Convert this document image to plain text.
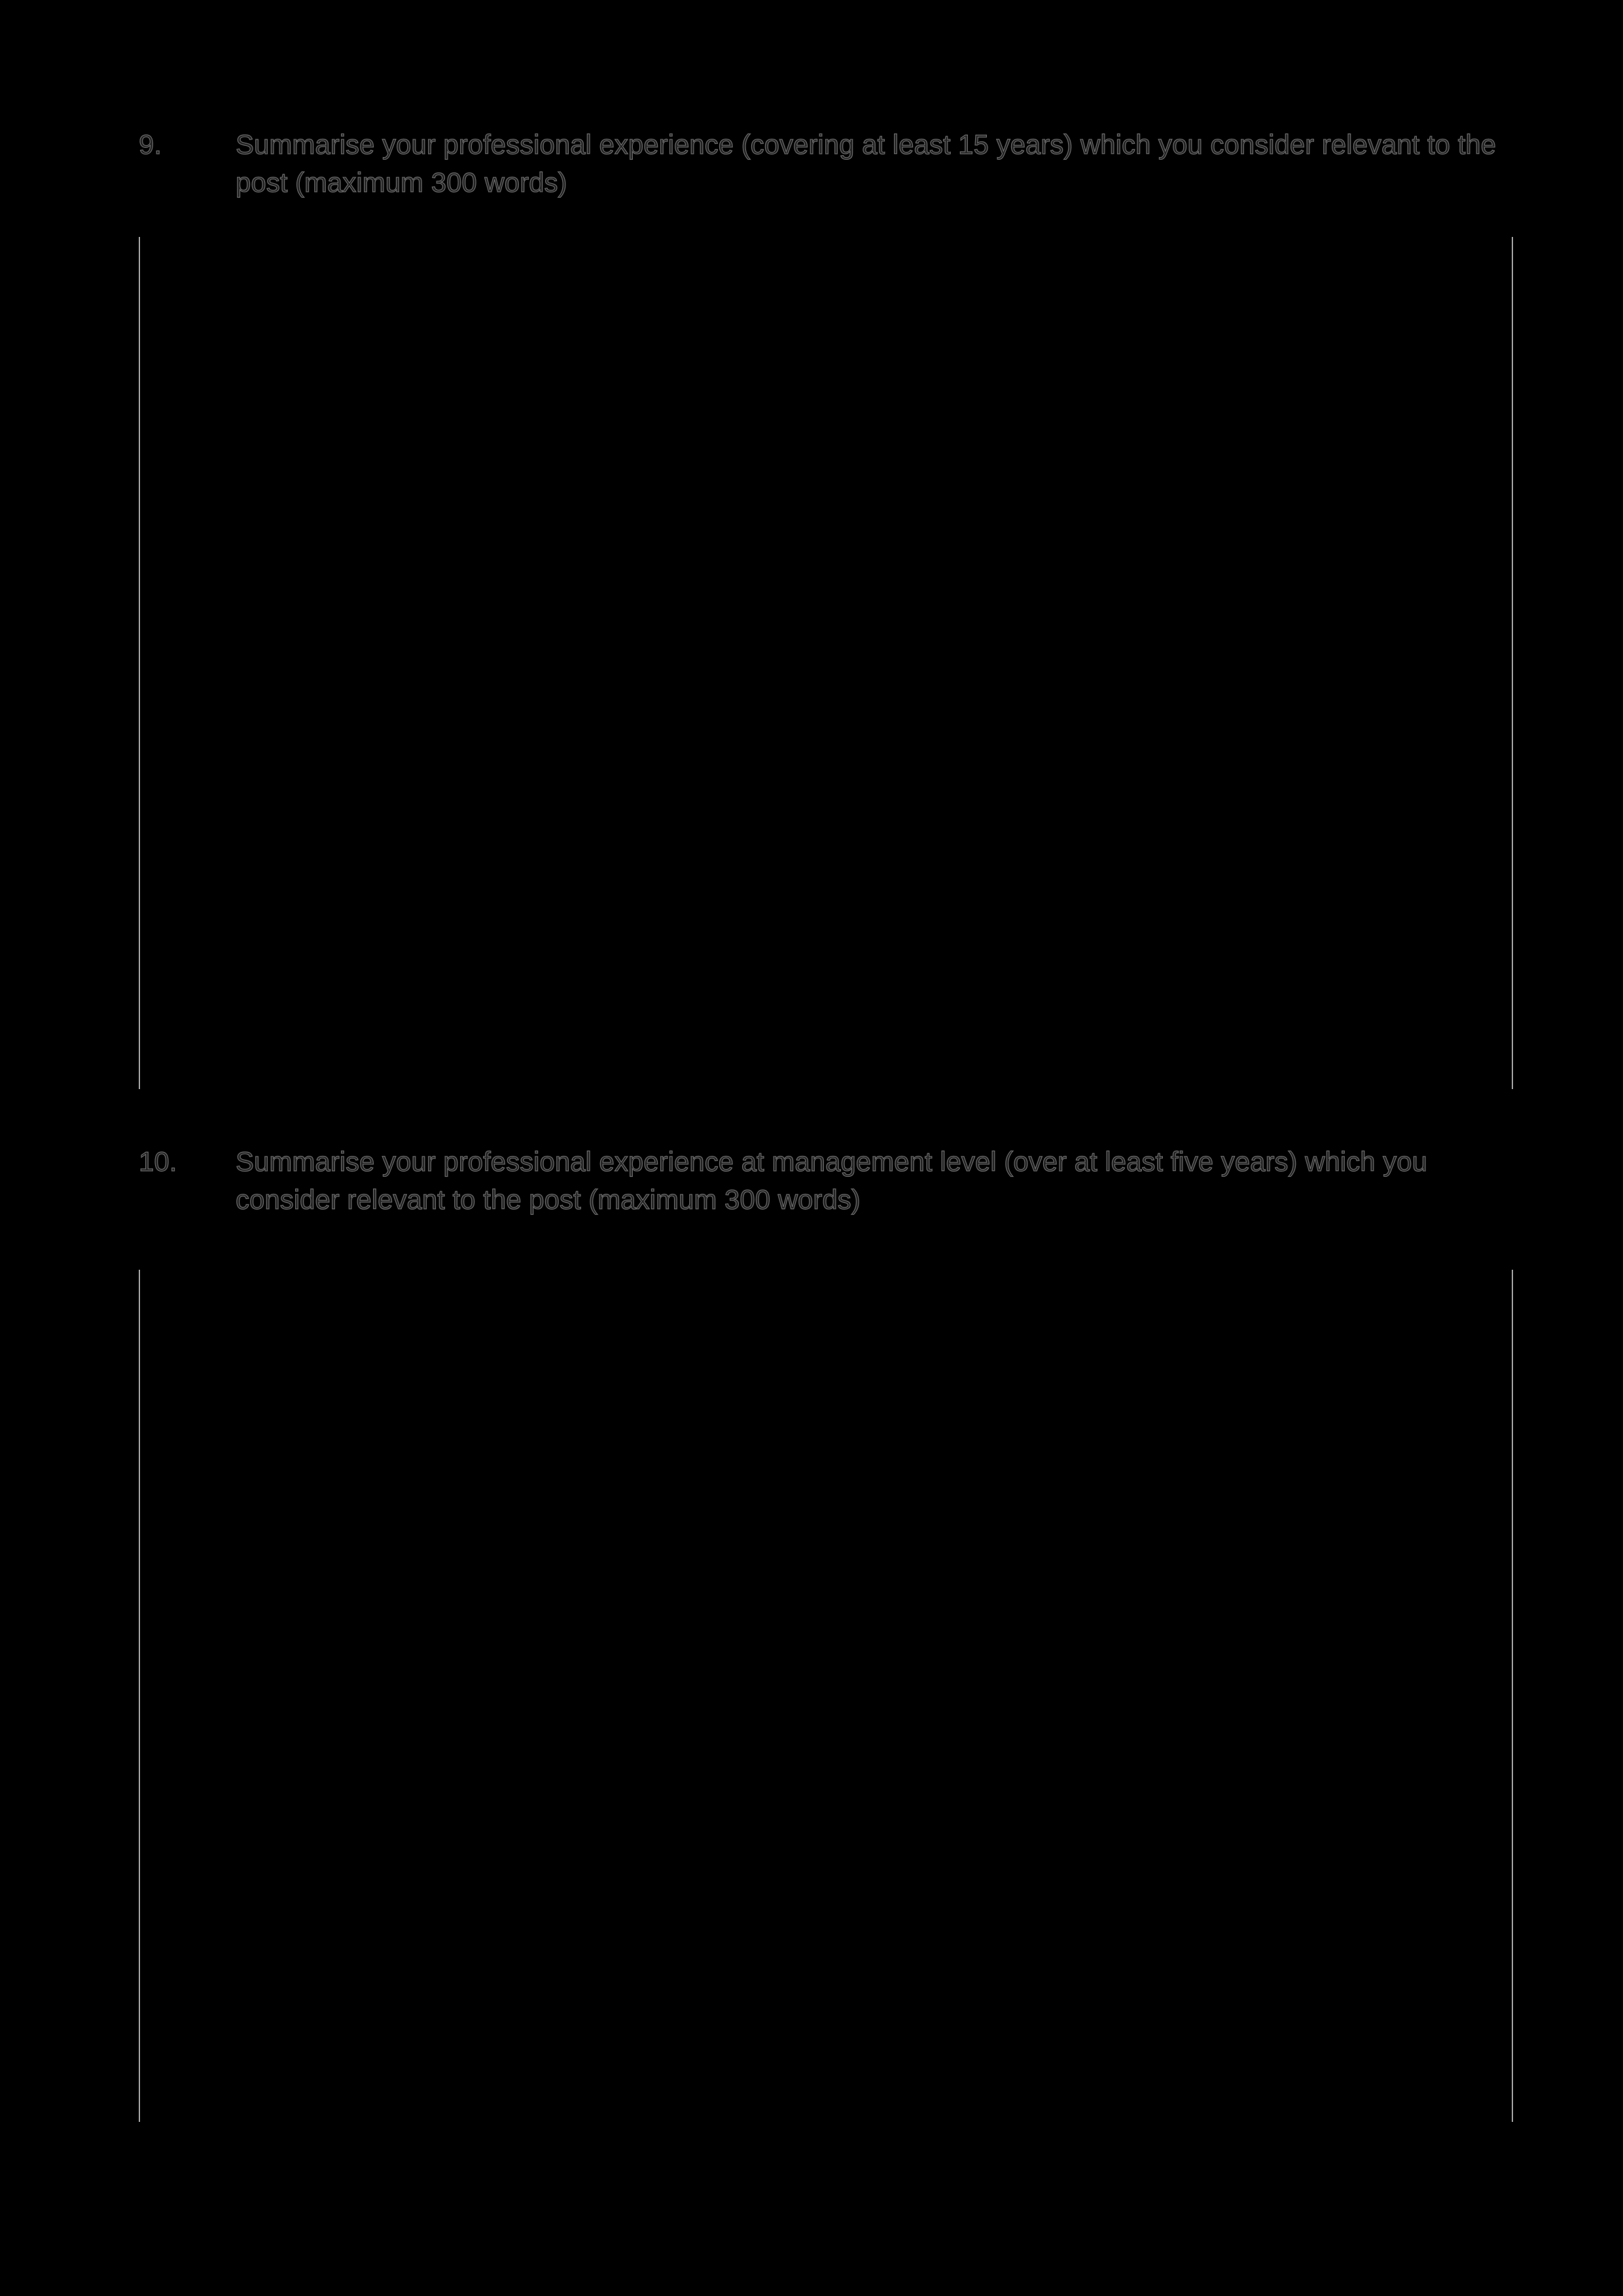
9.	Summarise your professional experience (covering at least 15 years) which you consider relevant to the post (maximum 300 words)
10. Summarise your professional experience at management level (over at least five years) which you consider relevant to the post (maximum 300 words)
